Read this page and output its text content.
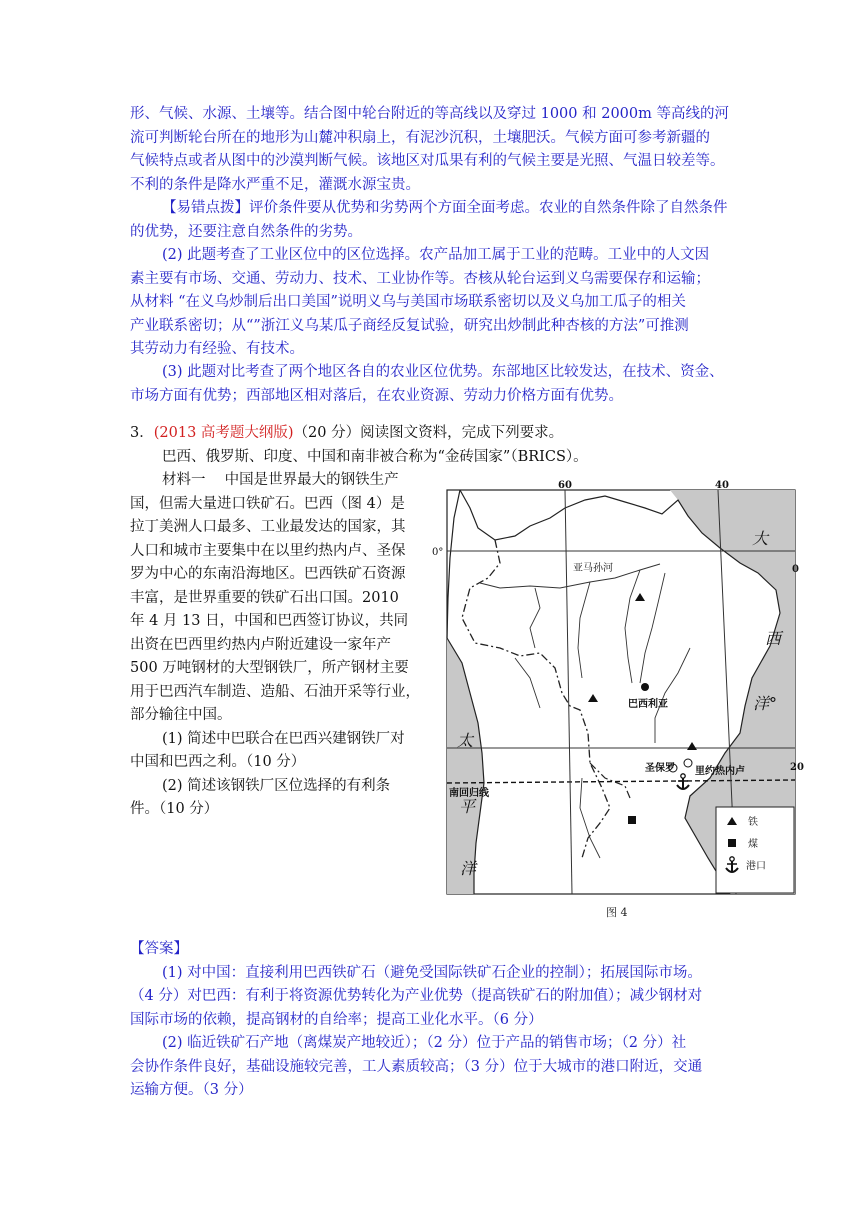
形、气候、水源、土壤等。结合图中轮台附近的等高线以及穿过 1000 和 2000m 等高线的河
流可判断轮台所在的地形为山麓冲积扇上，有泥沙沉积，土壤肥沃。气候方面可参考新疆的
气候特点或者从图中的沙漠判断气候。该地区对瓜果有利的气候主要是光照、气温日较差等。
不利的条件是降水严重不足，灌溉水源宝贵。
【易错点拨】评价条件要从优势和劣势两个方面全面考虑。农业的自然条件除了自然条件
的优势，还要注意自然条件的劣势。
(2) 此题考查了工业区位中的区位选择。农产品加工属于工业的范畴。工业中的人文因
素主要有市场、交通、劳动力、技术、工业协作等。杏核从轮台运到义乌需要保存和运输；
从材料 “在义乌炒制后出口美国”说明义乌与美国市场联系密切以及义乌加工瓜子的相关
产业联系密切；从“”浙江义乌某瓜子商经反复试验，研究出炒制此种杏核的方法”可推测
其劳动力有经验、有技术。
(3) 此题对比考查了两个地区各自的农业区位优势。东部地区比较发达，在技术、资金、
市场方面有优势；西部地区相对落后，在农业资源、劳动力价格方面有优势。
3．(2013 高考题大纲版)（20 分）阅读图文资料，完成下列要求。
巴西、俄罗斯、印度、中国和南非被合称为“金砖国家”（BRICS）。
材料一　 中国是世界最大的钢铁生产
国，但需大量进口铁矿石。巴西（图 4）是
拉丁美洲人口最多、工业最发达的国家，其
人口和城市主要集中在以里约热内卢、圣保
罗为中心的东南沿海地区。巴西铁矿石资源
丰富，是世界重要的铁矿石出口国。2010
年 4 月 13 日，中国和巴西签订协议，共同
出资在巴西里约热内卢附近建设一家年产
500 万吨钢材的大型钢铁厂，所产钢材主要
用于巴西汽车制造、造船、石油开采等行业，
部分输往中国。
(1) 简述中巴联合在巴西兴建钢铁厂对
中国和巴西之利。（10 分）
(2) 简述该钢铁厂区位选择的有利条
件。（10 分）
60	40
0°
0
20
大
西
洋°
太
平
洋
亚马孙河
巴西利亚
圣保罗 里约热内卢
南回归线
铁
煤
港口
图 4
【答案】
(1) 对中国：直接利用巴西铁矿石（避免受国际铁矿石企业的控制）；拓展国际市场。
（4 分）对巴西：有利于将资源优势转化为产业优势（提高铁矿石的附加值）；减少钢材对
国际市场的依赖，提高钢材的自给率；提高工业化水平。（6 分）
(2) 临近铁矿石产地（离煤炭产地较近）；（2 分）位于产品的销售市场；（2 分）社
会协作条件良好，基础设施较完善，工人素质较高；（3 分）位于大城市的港口附近，交通
运输方便。（3 分）
